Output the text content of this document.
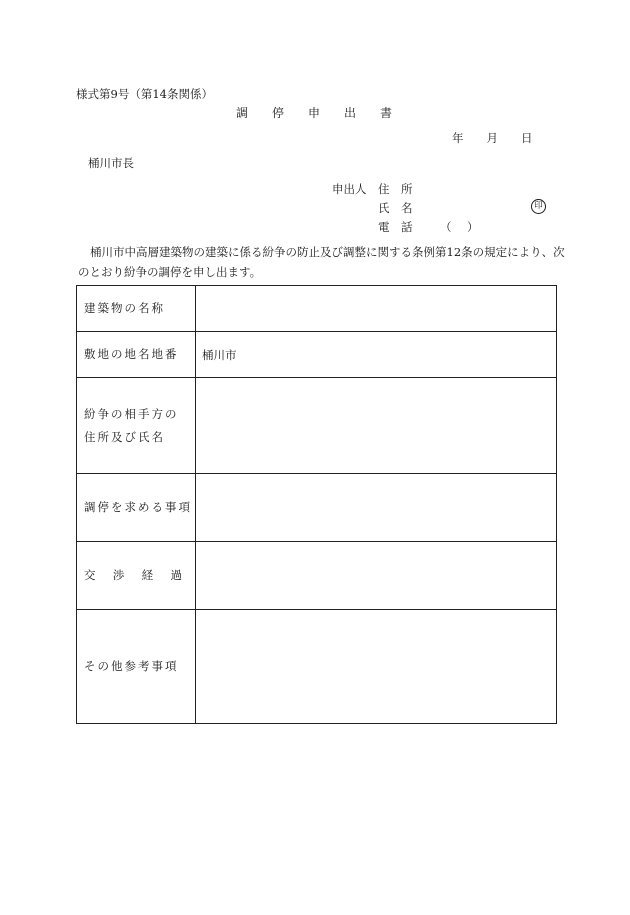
様式第9号（第14条関係）
調　　停　　申　　出　　書
年　　月　　日
桶川市長
申出人 住　所
氏　名	印
電　話 （ ）
桶川市中高層建築物の建築に係る紛争の防止及び調整に関する条例第12条の規定により、次のとおり紛争の調停を申し出ます。
建築物の名称	
敷地の地名地番	桶川市

紛争の相手方の
住所及び氏名	

調停を求める事項	

交 渉 経 過	

その他参考事項	
